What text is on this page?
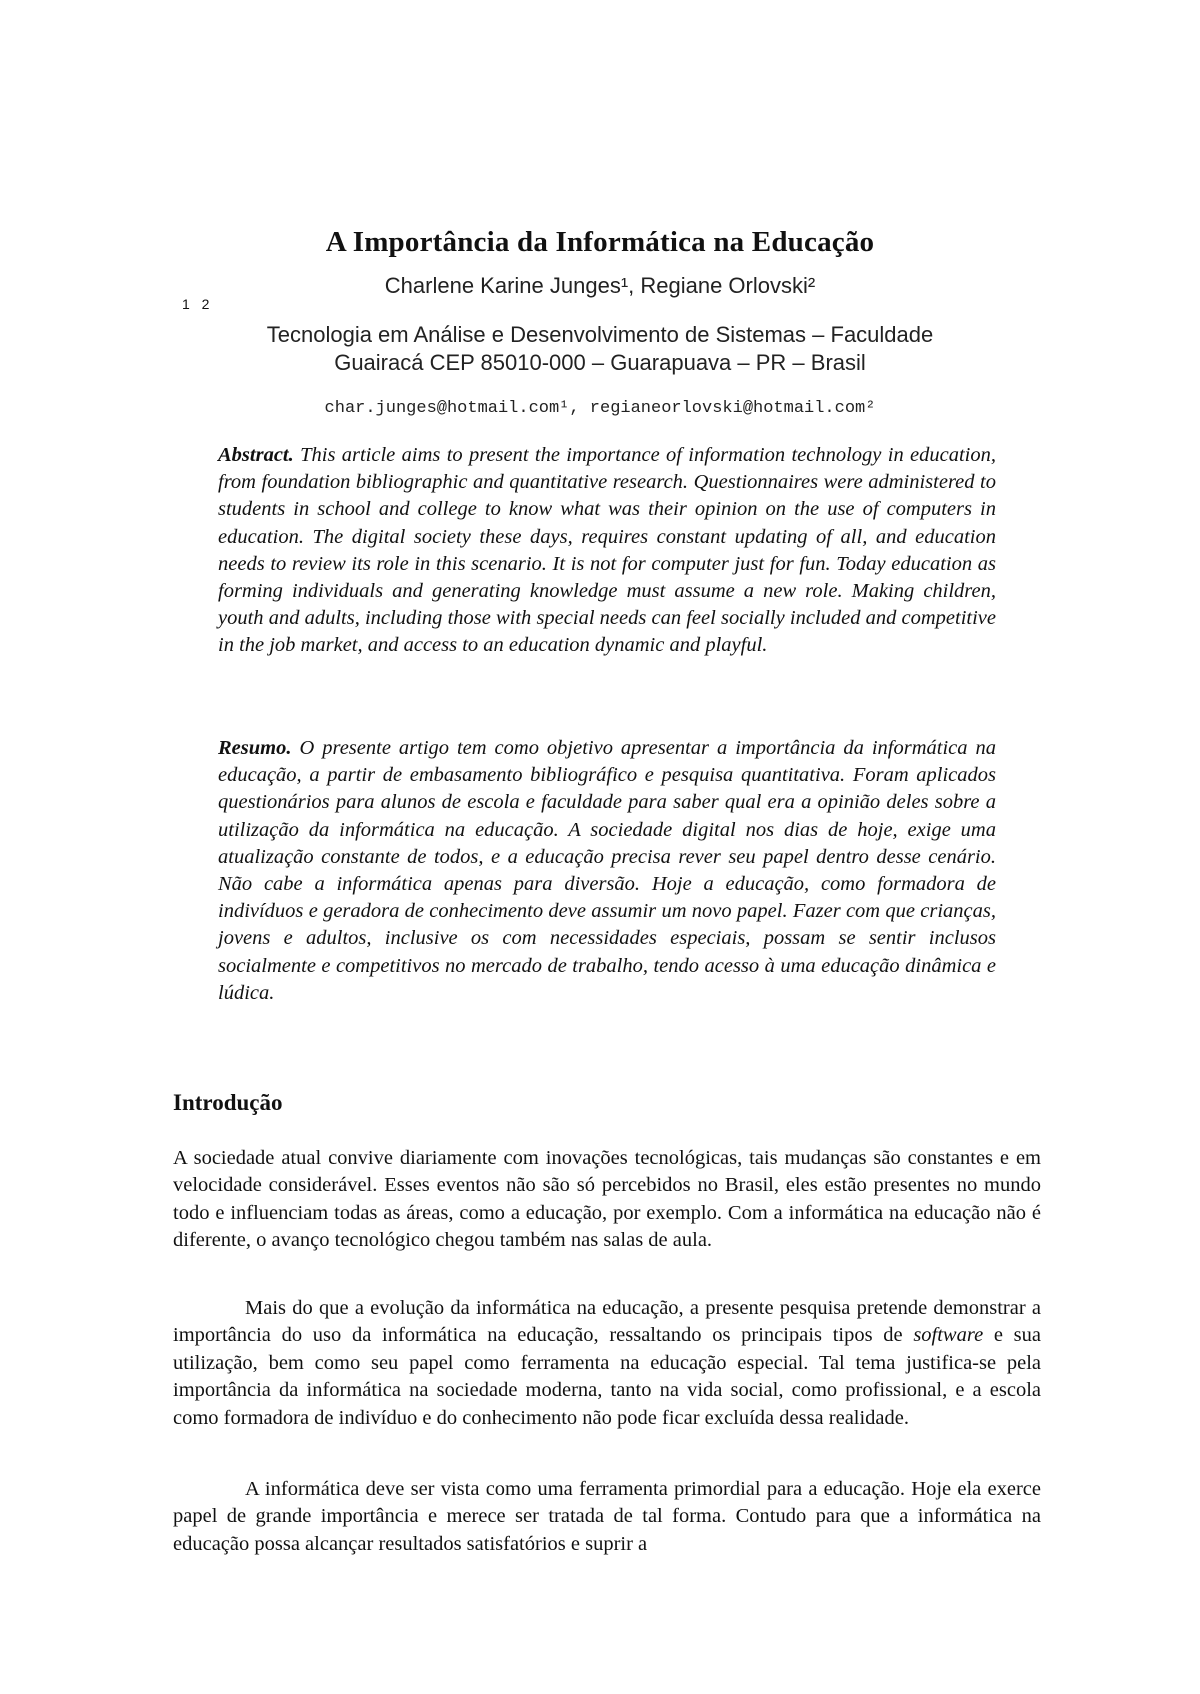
A Importância da Informática na Educação
Charlene Karine Junges¹, Regiane Orlovski²
1 2
Tecnologia em Análise e Desenvolvimento de Sistemas – Faculdade
Guairacá CEP 85010-000 – Guarapuava – PR – Brasil
char.junges@hotmail.com¹, regianeorlovski@hotmail.com²
Abstract. This article aims to present the importance of information technology in education, from foundation bibliographic and quantitative research. Questionnaires were administered to students in school and college to know what was their opinion on the use of computers in education. The digital society these days, requires constant updating of all, and education needs to review its role in this scenario. It is not for computer just for fun. Today education as forming individuals and generating knowledge must assume a new role. Making children, youth and adults, including those with special needs can feel socially included and competitive in the job market, and access to an education dynamic and playful.
Resumo. O presente artigo tem como objetivo apresentar a importância da informática na educação, a partir de embasamento bibliográfico e pesquisa quantitativa. Foram aplicados questionários para alunos de escola e faculdade para saber qual era a opinião deles sobre a utilização da informática na educação. A sociedade digital nos dias de hoje, exige uma atualização constante de todos, e a educação precisa rever seu papel dentro desse cenário. Não cabe a informática apenas para diversão. Hoje a educação, como formadora de indivíduos e geradora de conhecimento deve assumir um novo papel. Fazer com que crianças, jovens e adultos, inclusive os com necessidades especiais, possam se sentir inclusos socialmente e competitivos no mercado de trabalho, tendo acesso à uma educação dinâmica e lúdica.
Introdução
A sociedade atual convive diariamente com inovações tecnológicas, tais mudanças são constantes e em velocidade considerável. Esses eventos não são só percebidos no Brasil, eles estão presentes no mundo todo e influenciam todas as áreas, como a educação, por exemplo. Com a informática na educação não é diferente, o avanço tecnológico chegou também nas salas de aula.
Mais do que a evolução da informática na educação, a presente pesquisa pretende demonstrar a importância do uso da informática na educação, ressaltando os principais tipos de software e sua utilização, bem como seu papel como ferramenta na educação especial. Tal tema justifica-se pela importância da informática na sociedade moderna, tanto na vida social, como profissional, e a escola como formadora de indivíduo e do conhecimento não pode ficar excluída dessa realidade.
A informática deve ser vista como uma ferramenta primordial para a educação. Hoje ela exerce papel de grande importância e merece ser tratada de tal forma. Contudo para que a informática na educação possa alcançar resultados satisfatórios e suprir a
